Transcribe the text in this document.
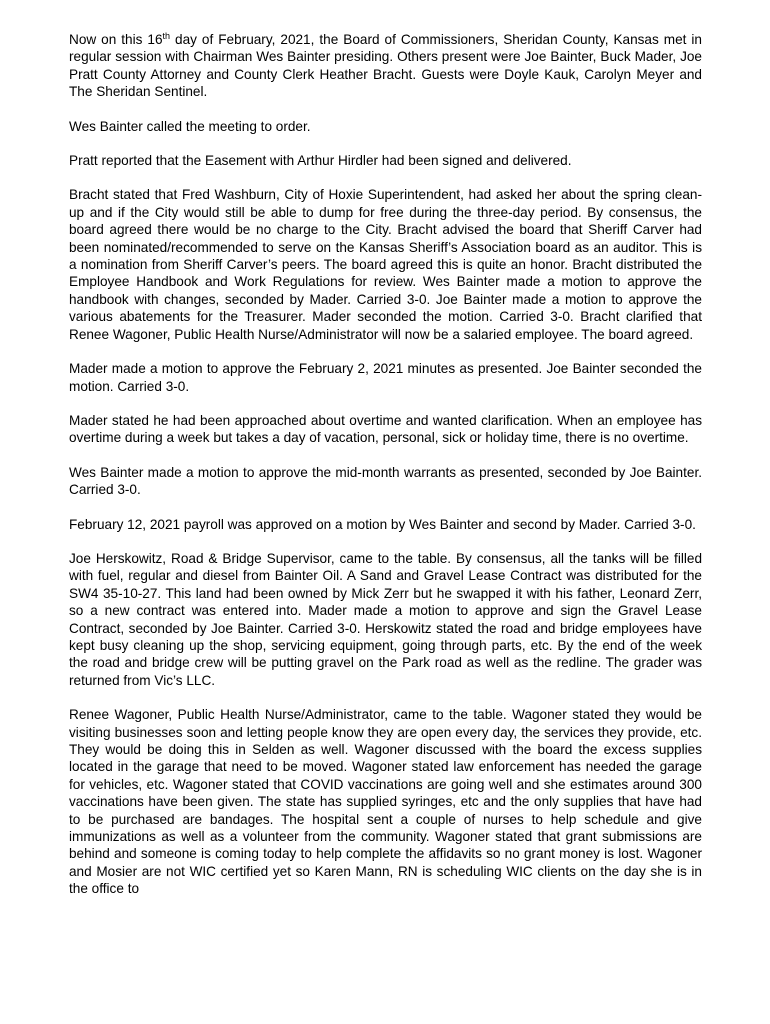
Now on this 16th day of February, 2021, the Board of Commissioners, Sheridan County, Kansas met in regular session with Chairman Wes Bainter presiding. Others present were Joe Bainter, Buck Mader, Joe Pratt County Attorney and County Clerk Heather Bracht. Guests were Doyle Kauk, Carolyn Meyer and The Sheridan Sentinel.

Wes Bainter called the meeting to order.

Pratt reported that the Easement with Arthur Hirdler had been signed and delivered.

Bracht stated that Fred Washburn, City of Hoxie Superintendent, had asked her about the spring clean-up and if the City would still be able to dump for free during the three-day period. By consensus, the board agreed there would be no charge to the City. Bracht advised the board that Sheriff Carver had been nominated/recommended to serve on the Kansas Sheriff’s Association board as an auditor. This is a nomination from Sheriff Carver’s peers. The board agreed this is quite an honor. Bracht distributed the Employee Handbook and Work Regulations for review. Wes Bainter made a motion to approve the handbook with changes, seconded by Mader. Carried 3-0. Joe Bainter made a motion to approve the various abatements for the Treasurer. Mader seconded the motion. Carried 3-0. Bracht clarified that Renee Wagoner, Public Health Nurse/Administrator will now be a salaried employee. The board agreed.

Mader made a motion to approve the February 2, 2021 minutes as presented. Joe Bainter seconded the motion. Carried 3-0.

Mader stated he had been approached about overtime and wanted clarification. When an employee has overtime during a week but takes a day of vacation, personal, sick or holiday time, there is no overtime.

Wes Bainter made a motion to approve the mid-month warrants as presented, seconded by Joe Bainter. Carried 3-0.

February 12, 2021 payroll was approved on a motion by Wes Bainter and second by Mader. Carried 3-0.

Joe Herskowitz, Road & Bridge Supervisor, came to the table. By consensus, all the tanks will be filled with fuel, regular and diesel from Bainter Oil. A Sand and Gravel Lease Contract was distributed for the SW4 35-10-27. This land had been owned by Mick Zerr but he swapped it with his father, Leonard Zerr, so a new contract was entered into. Mader made a motion to approve and sign the Gravel Lease Contract, seconded by Joe Bainter. Carried 3-0. Herskowitz stated the road and bridge employees have kept busy cleaning up the shop, servicing equipment, going through parts, etc. By the end of the week the road and bridge crew will be putting gravel on the Park road as well as the redline. The grader was returned from Vic’s LLC.

Renee Wagoner, Public Health Nurse/Administrator, came to the table. Wagoner stated they would be visiting businesses soon and letting people know they are open every day, the services they provide, etc. They would be doing this in Selden as well. Wagoner discussed with the board the excess supplies located in the garage that need to be moved. Wagoner stated law enforcement has needed the garage for vehicles, etc. Wagoner stated that COVID vaccinations are going well and she estimates around 300 vaccinations have been given. The state has supplied syringes, etc and the only supplies that have had to be purchased are bandages. The hospital sent a couple of nurses to help schedule and give immunizations as well as a volunteer from the community. Wagoner stated that grant submissions are behind and someone is coming today to help complete the affidavits so no grant money is lost. Wagoner and Mosier are not WIC certified yet so Karen Mann, RN is scheduling WIC clients on the day she is in the office to
